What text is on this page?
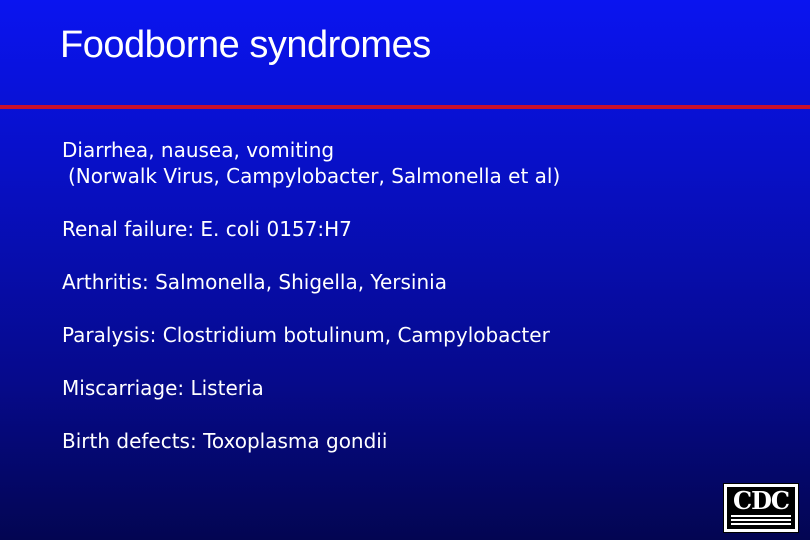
Foodborne syndromes
Diarrhea, nausea, vomiting
(Norwalk Virus, Campylobacter, Salmonella et al)
Renal failure: E. coli 0157:H7
Arthritis: Salmonella, Shigella, Yersinia
Paralysis: Clostridium botulinum, Campylobacter
Miscarriage: Listeria
Birth defects: Toxoplasma gondii
CDC
